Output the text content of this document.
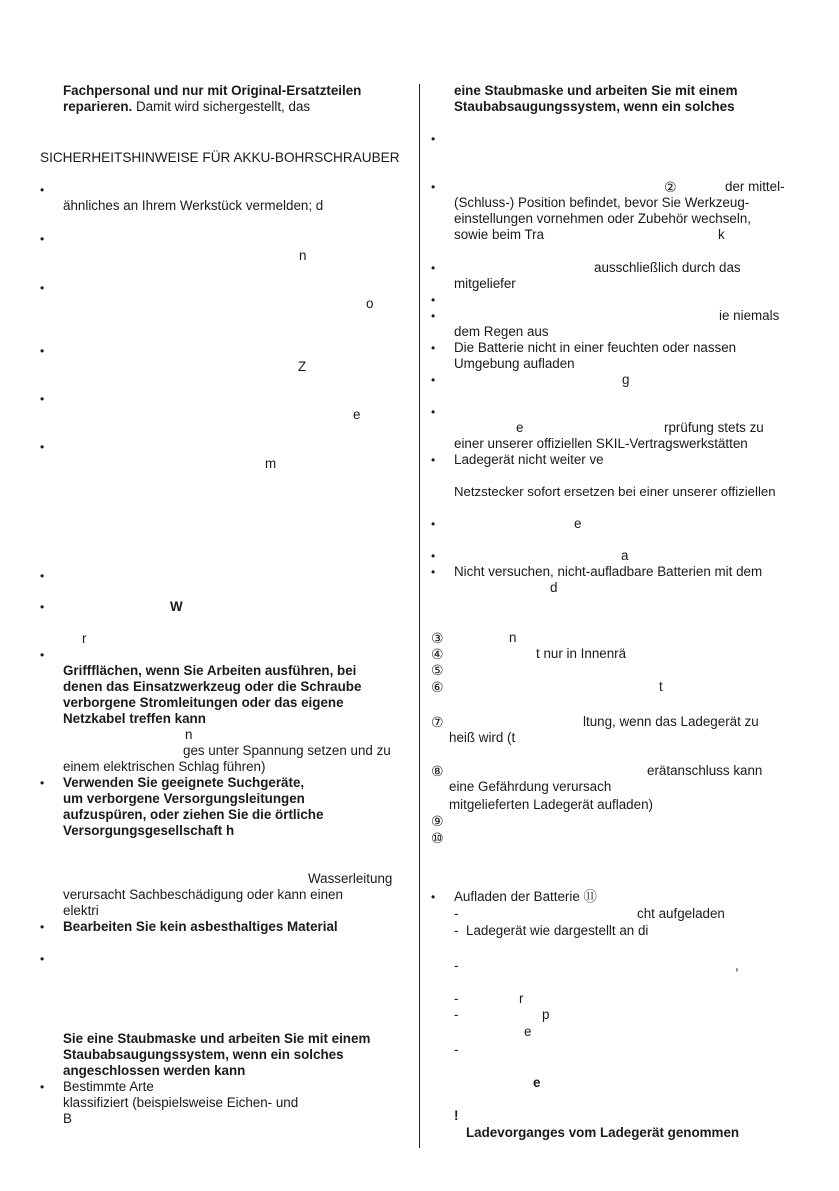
Fachpersonal und nur mit Original-Ersatzteilen
reparieren. Damit wird sichergestellt, das
SICHERHEITSHINWEISE FÜR AKKU-BOHRSCHRAUBER
•
ähnliches an Ihrem Werkstück vermelden; d
•
n
•
o
•
Z
•
e
•
m
•
•	W
r
•
Griffflächen, wenn Sie Arbeiten ausführen, bei
denen das Einsatzwerkzeug oder die Schraube
verborgene Stromleitungen oder das eigene
Netzkabel treffen kann
n
ges unter Spannung setzen und zu
einem elektrischen Schlag führen)
• Verwenden Sie geeignete Suchgeräte,
um verborgene Versorgungsleitungen
aufzuspüren, oder ziehen Sie die örtliche
Versorgungsgesellschaft h
Wasserleitung
verursacht Sachbeschädigung oder kann einen
elektri
• Bearbeiten Sie kein asbesthaltiges Material
•
Sie eine Staubmaske und arbeiten Sie mit einem
Staubabsaugungssystem, wenn ein solches
angeschlossen werden kann
• Bestimmte Arte
klassifiziert (beispielsweise Eichen- und
B
eine Staubmaske und arbeiten Sie mit einem
Staubabsaugungssystem, wenn ein solches
•
•	②	der mittel-
(Schluss-) Position befindet, bevor Sie Werkzeug-
einstellungen vornehmen oder Zubehör wechseln,
sowie beim Tra	k
•	ausschließlich durch das
mitgeliefer
•
•	ie niemals
dem Regen aus
• Die Batterie nicht in einer feuchten oder nassen
Umgebung aufladen
•	g
•
e	rprüfung stets zu
einer unserer offiziellen SKIL-Vertragswerkstätten
• Ladegerät nicht weiter ve
Netzstecker sofort ersetzen bei einer unserer offiziellen
•	e
•	a
• Nicht versuchen, nicht-aufladbare Batterien mit dem
d
③	n
④	t nur in Innenrä
⑤
⑥	t
⑦	ltung, wenn das Ladegerät zu
heiß wird (t
⑧	erätanschluss kann
eine Gefährdung verursach
mitgelieferten Ladegerät aufladen)
⑨
⑩
• Aufladen der Batterie ⑪
-	cht aufgeladen
- Ladegerät wie dargestellt an di
-	,
-	r
-	p
e
-
e
!
Ladevorganges vom Ladegerät genommen
